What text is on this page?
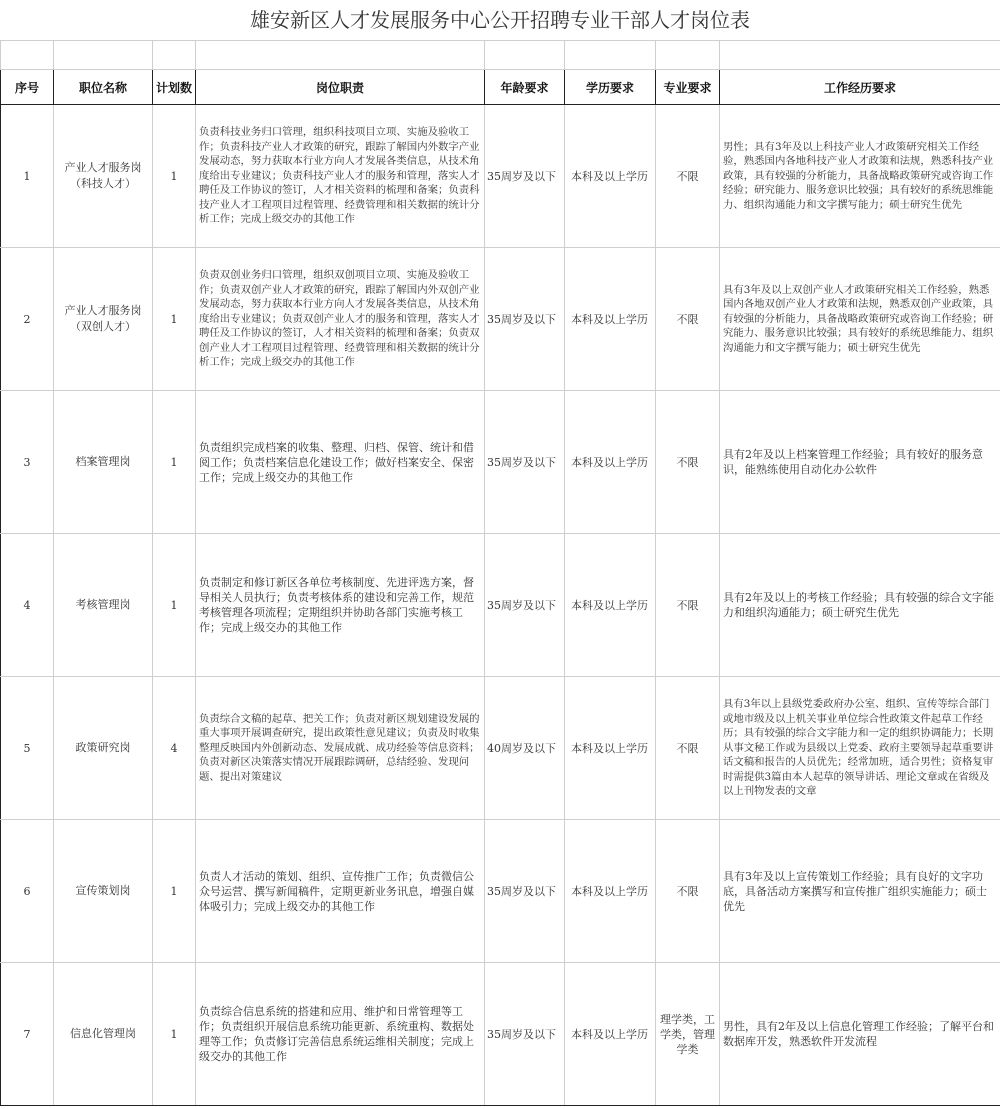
雄安新区人才发展服务中心公开招聘专业干部人才岗位表

序号	职位名称	计划数	岗位职责	年龄要求	学历要求	专业要求	工作经历要求
1	产业人才服务岗（科技人才）	1	负责科技业务归口管理，组织科技项目立项、实施及验收工作；负责科技产业人才政策的研究，跟踪了解国内外数字产业发展动态，努力获取本行业方向人才发展各类信息，从技术角度给出专业建议；负责科技产业人才的服务和管理，落实人才聘任及工作协议的签订，人才相关资料的梳理和备案；负责科技产业人才工程项目过程管理、经费管理和相关数据的统计分析工作；完成上级交办的其他工作	35周岁及以下	本科及以上学历	不限	男性；具有3年及以上科技产业人才政策研究相关工作经验，熟悉国内各地科技产业人才政策和法规，熟悉科技产业政策，具有较强的分析能力，具备战略政策研究或咨询工作经验；研究能力、服务意识比较强；具有较好的系统思维能力、组织沟通能力和文字撰写能力；硕士研究生优先
2	产业人才服务岗（双创人才）	1	负责双创业务归口管理，组织双创项目立项、实施及验收工作；负责双创产业人才政策的研究，跟踪了解国内外双创产业发展动态，努力获取本行业方向人才发展各类信息，从技术角度给出专业建议；负责双创产业人才的服务和管理，落实人才聘任及工作协议的签订，人才相关资料的梳理和备案；负责双创产业人才工程项目过程管理、经费管理和相关数据的统计分析工作；完成上级交办的其他工作	35周岁及以下	本科及以上学历	不限	具有3年及以上双创产业人才政策研究相关工作经验，熟悉国内各地双创产业人才政策和法规，熟悉双创产业政策，具有较强的分析能力，具备战略政策研究或咨询工作经验；研究能力、服务意识比较强；具有较好的系统思维能力、组织沟通能力和文字撰写能力；硕士研究生优先
3	档案管理岗	1	负责组织完成档案的收集、整理、归档、保管、统计和借阅工作；负责档案信息化建设工作；做好档案安全、保密工作；完成上级交办的其他工作	35周岁及以下	本科及以上学历	不限	具有2年及以上档案管理工作经验；具有较好的服务意识，能熟练使用自动化办公软件
4	考核管理岗	1	负责制定和修订新区各单位考核制度、先进评选方案，督导相关人员执行；负责考核体系的建设和完善工作，规范考核管理各项流程；定期组织并协助各部门实施考核工作；完成上级交办的其他工作	35周岁及以下	本科及以上学历	不限	具有2年及以上的考核工作经验；具有较强的综合文字能力和组织沟通能力；硕士研究生优先
5	政策研究岗	4	负责综合文稿的起草、把关工作；负责对新区规划建设发展的重大事项开展调查研究，提出政策性意见建议；负责及时收集整理反映国内外创新动态、发展成就、成功经验等信息资料；负责对新区决策落实情况开展跟踪调研，总结经验、发现问题、提出对策建议	40周岁及以下	本科及以上学历	不限	具有3年以上县级党委政府办公室、组织、宣传等综合部门或地市级及以上机关事业单位综合性政策文件起草工作经历；具有较强的综合文字能力和一定的组织协调能力；长期从事文秘工作或为县级以上党委、政府主要领导起草重要讲话文稿和报告的人员优先；经常加班，适合男性；资格复审时需提供3篇由本人起草的领导讲话、理论文章或在省级及以上刊物发表的文章
6	宣传策划岗	1	负责人才活动的策划、组织、宣传推广工作；负责微信公众号运营、撰写新闻稿件，定期更新业务讯息，增强自媒体吸引力；完成上级交办的其他工作	35周岁及以下	本科及以上学历	不限	具有3年及以上宣传策划工作经验；具有良好的文字功底，具备活动方案撰写和宣传推广组织实施能力；硕士优先
7	信息化管理岗	1	负责综合信息系统的搭建和应用、维护和日常管理等工作；负责组织开展信息系统功能更新、系统重构、数据处理等工作；负责修订完善信息系统运维相关制度；完成上级交办的其他工作	35周岁及以下	本科及以上学历	理学类，工学类，管理学类	男性，具有2年及以上信息化管理工作经验；了解平台和数据库开发，熟悉软件开发流程
